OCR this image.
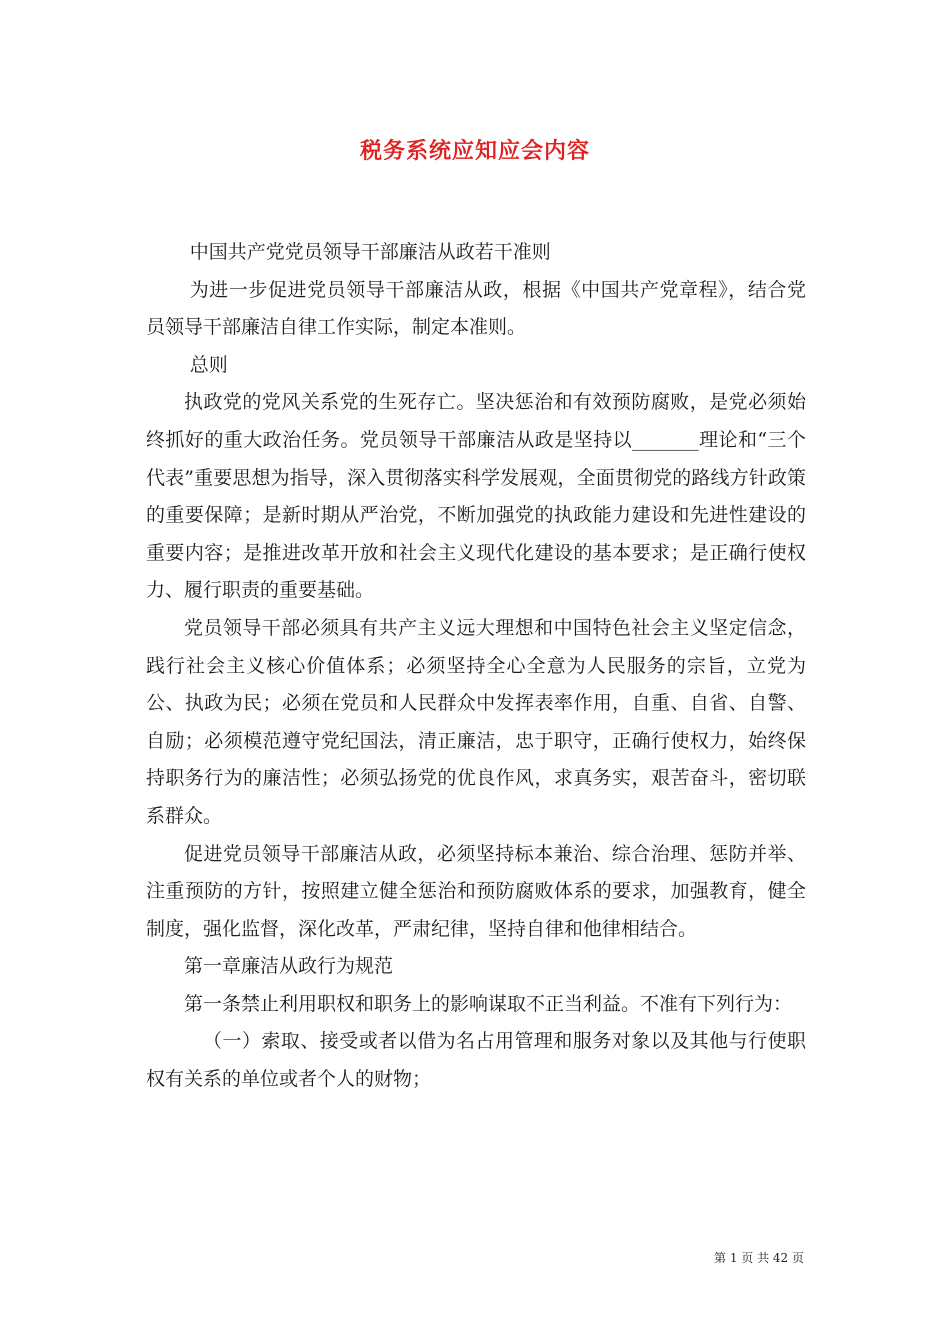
税务系统应知应会内容

中国共产党党员领导干部廉洁从政若干准则

为进一步促进党员领导干部廉洁从政，根据《中国共产党章程》，结合党员领导干部廉洁自律工作实际，制定本准则。

总则

执政党的党风关系党的生死存亡。坚决惩治和有效预防腐败，是党必须始终抓好的重大政治任务。党员领导干部廉洁从政是坚持以_______理论和“三个代表”重要思想为指导，深入贯彻落实科学发展观，全面贯彻党的路线方针政策的重要保障；是新时期从严治党，不断加强党的执政能力建设和先进性建设的重要内容；是推进改革开放和社会主义现代化建设的基本要求；是正确行使权力、履行职责的重要基础。

党员领导干部必须具有共产主义远大理想和中国特色社会主义坚定信念，践行社会主义核心价值体系；必须坚持全心全意为人民服务的宗旨，立党为公、执政为民；必须在党员和人民群众中发挥表率作用，自重、自省、自警、自励；必须模范遵守党纪国法，清正廉洁，忠于职守，正确行使权力，始终保持职务行为的廉洁性；必须弘扬党的优良作风，求真务实，艰苦奋斗，密切联系群众。

促进党员领导干部廉洁从政，必须坚持标本兼治、综合治理、惩防并举、注重预防的方针，按照建立健全惩治和预防腐败体系的要求，加强教育，健全制度，强化监督，深化改革，严肃纪律，坚持自律和他律相结合。

第一章廉洁从政行为规范

第一条禁止利用职权和职务上的影响谋取不正当利益。不准有下列行为：

（一）索取、接受或者以借为名占用管理和服务对象以及其他与行使职权有关系的单位或者个人的财物；

第 1 页 共 42 页
